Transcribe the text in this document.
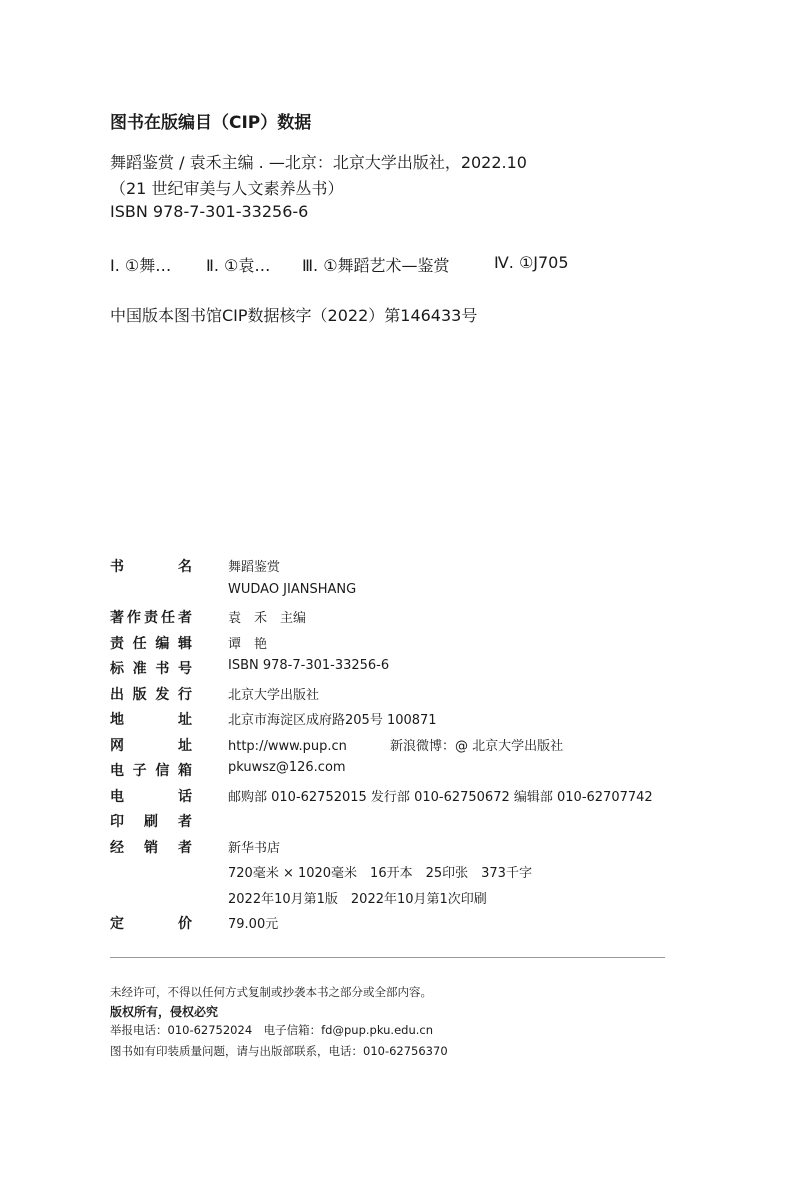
图书在版编目（CIP）数据
舞蹈鉴赏 / 袁禾主编 . —北京：北京大学出版社，2022.10
（21 世纪审美与人文素养丛书）
ISBN 978-7-301-33256-6
Ⅰ. ①舞… Ⅱ. ①袁… Ⅲ. ①舞蹈艺术—鉴赏	Ⅳ. ①J705
中国版本图书馆CIP数据核字（2022）第146433号
书	名	舞蹈鉴赏
WUDAO JIANSHANG
著 作 责 任 者	袁　禾　主编
责 任 编 辑	谭　艳
标 准 书 号	ISBN 978-7-301-33256-6
出 版 发 行	北京大学出版社
地	址	北京市海淀区成府路205号 100871
网	址	http://www.pup.cn	新浪微博：@ 北京大学出版社
电 子 信 箱	pkuwsz@126.com
电	话	邮购部 010-62752015 发行部 010-62750672 编辑部 010-62707742
印 刷 者
经 销 者	新华书店
720毫米 × 1020毫米　16开本　25印张　373千字
2022年10月第1版　2022年10月第1次印刷
定	价	79.00元
未经许可，不得以任何方式复制或抄袭本书之部分或全部内容。
版权所有，侵权必究
举报电话：010-62752024　电子信箱：fd@pup.pku.edu.cn
图书如有印装质量问题，请与出版部联系，电话：010-62756370
